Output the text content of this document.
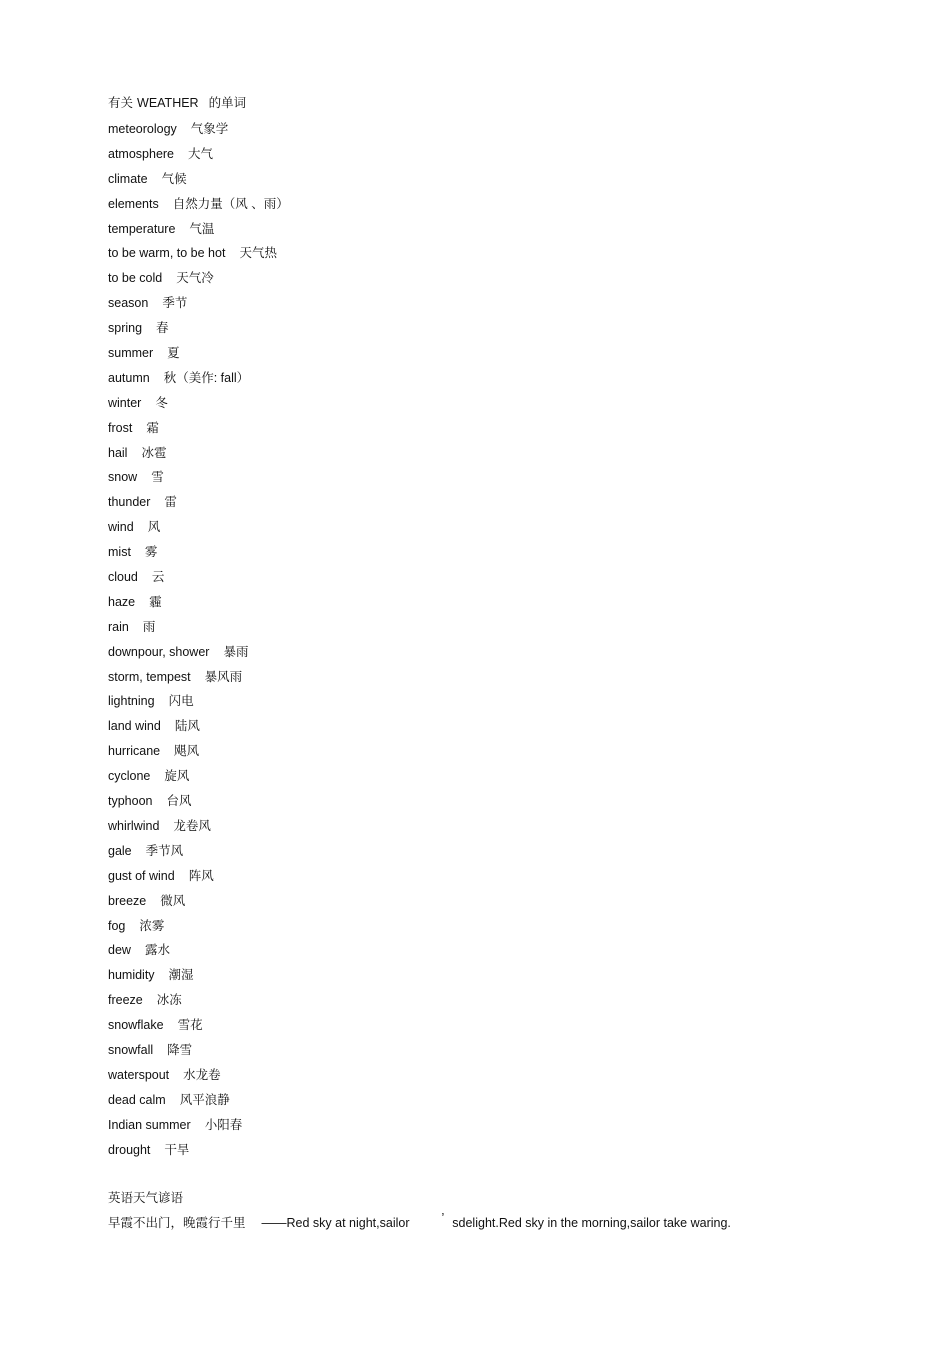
有关 WEATHER 的单词
meteorology 气象学
atmosphere 大气
climate 气候
elements 自然力量（风 、雨）
temperature 气温
to be warm, to be hot 天气热
to be cold 天气冷
season 季节
spring 春
summer 夏
autumn 秋（美作: fall）
winter 冬
frost 霜
hail 冰雹
snow 雪
thunder 雷
wind 风
mist 雾
cloud 云
haze 霾
rain 雨
downpour, shower 暴雨
storm, tempest 暴风雨
lightning 闪电
land wind 陆风
hurricane 飓风
cyclone 旋风
typhoon 台风
whirlwind 龙卷风
gale 季节风
gust of wind 阵风
breeze 微风
fog 浓雾
dew 露水
humidity 潮湿
freeze 冰冻
snowflake 雪花
snowfall 降雪
waterspout 水龙卷
dead calm 风平浪静
Indian summer 小阳春
drought 干旱
英语天气谚语
早霞不出门，晚霞行千里 ——Red sky at night,sailor	’ sdelight.Red sky in the morning,sailor take waring.
